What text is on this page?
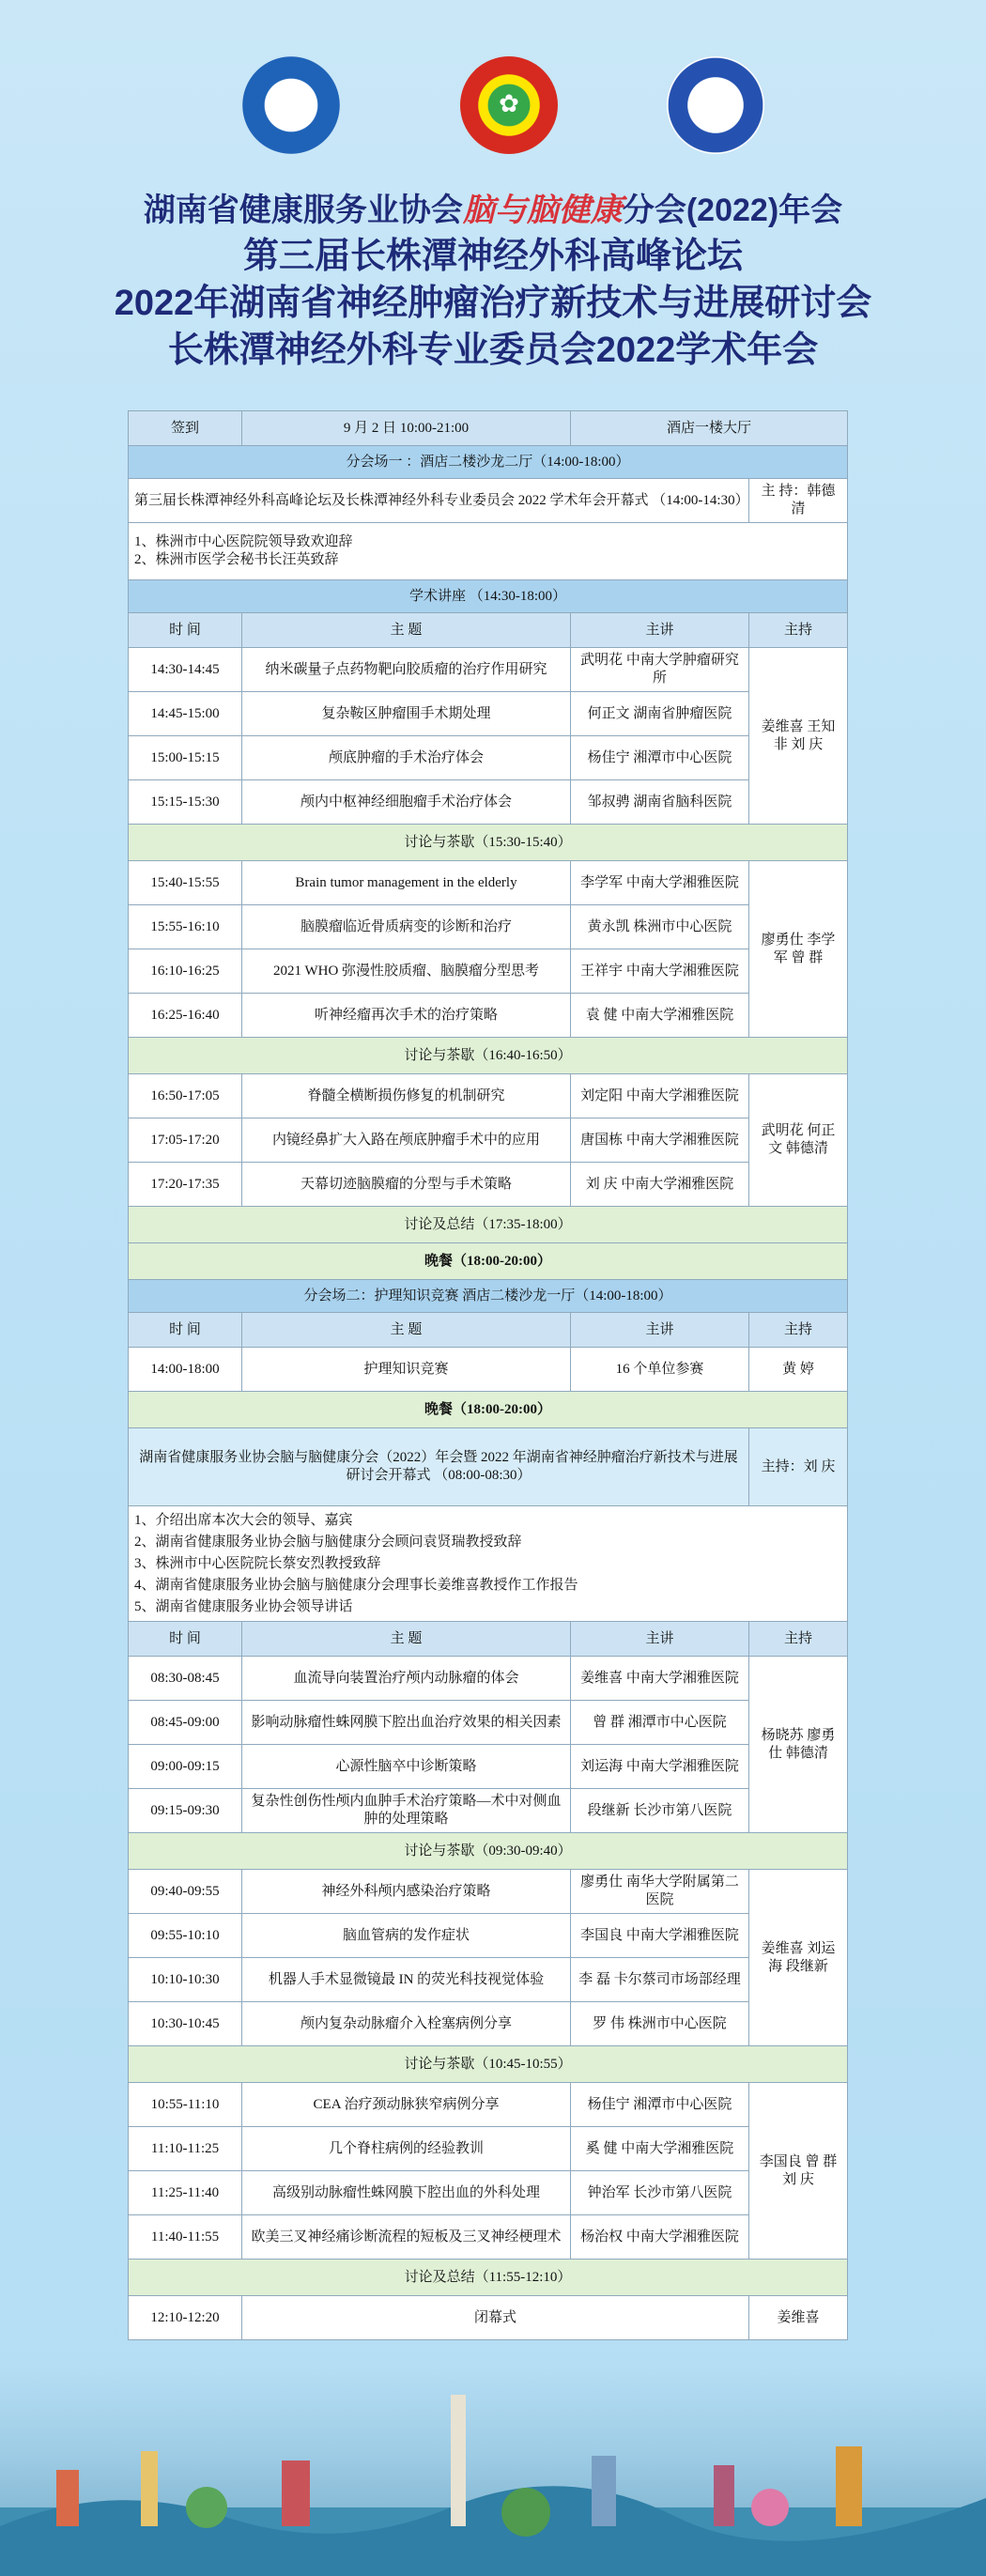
✚	✿	⚕
湖南省健康服务业协会脑与脑健康分会(2022)年会
第三届长株潭神经外科高峰论坛
2022年湖南省神经肿瘤治疗新技术与进展研讨会
长株潭神经外科专业委员会2022学术年会
签到	9 月 2 日 10:00-21:00	酒店一楼大厅	
分会场一 ：酒店二楼沙龙二厅（14:00-18:00）			
第三届长株潭神经外科高峰论坛及长株潭神经外科专业委员会 2022 学术年会开幕式 （14:00-14:30）			主 持：韩德清

1、株洲市中心医院院领导致欢迎辞
2、株洲市医学会秘书长汪英致辞			

学术讲座 （14:30-18:00）			
时 间	主 题	主讲	主持
14:30-14:45	纳米碳量子点药物靶向胶质瘤的治疗作用研究	武明花 中南大学肿瘤研究所	姜维喜 王知非 刘 庆
14:45-15:00	复杂鞍区肿瘤围手术期处理	何正文 湖南省肿瘤医院	
15:00-15:15	颅底肿瘤的手术治疗体会	杨佳宁 湘潭市中心医院	
15:15-15:30	颅内中枢神经细胞瘤手术治疗体会	邹叔骋 湖南省脑科医院	
讨论与茶歇（15:30-15:40）			
15:40-15:55	Brain tumor management in the elderly	李学军 中南大学湘雅医院	廖勇仕 李学军 曾 群
15:55-16:10	脑膜瘤临近骨质病变的诊断和治疗	黄永凯 株洲市中心医院	
16:10-16:25	2021 WHO 弥漫性胶质瘤、脑膜瘤分型思考	王祥宇 中南大学湘雅医院	
16:25-16:40	听神经瘤再次手术的治疗策略	袁 健 中南大学湘雅医院	
讨论与茶歇（16:40-16:50）			
16:50-17:05	脊髓全横断损伤修复的机制研究	刘定阳 中南大学湘雅医院	武明花 何正文 韩德清
17:05-17:20	内镜经鼻扩大入路在颅底肿瘤手术中的应用	唐国栋 中南大学湘雅医院	
17:20-17:35	天幕切迹脑膜瘤的分型与手术策略	刘 庆 中南大学湘雅医院	
讨论及总结（17:35-18:00）			
晚餐（18:00-20:00）			
分会场二：护理知识竞赛 酒店二楼沙龙一厅（14:00-18:00）			
时 间	主 题	主讲	主持
14:00-18:00	护理知识竞赛	16 个单位参赛	黄 婷
晚餐（18:00-20:00）			
湖南省健康服务业协会脑与脑健康分会（2022）年会暨 2022 年湖南省神经肿瘤治疗新技术与进展研讨会开幕式 （08:00-08:30）			主持：刘 庆

1、介绍出席本次大会的领导、嘉宾
2、湖南省健康服务业协会脑与脑健康分会顾问袁贤瑞教授致辞
3、株洲市中心医院院长蔡安烈教授致辞
4、湖南省健康服务业协会脑与脑健康分会理事长姜维喜教授作工作报告
5、湖南省健康服务业协会领导讲话			

时 间	主 题	主讲	主持
08:30-08:45	血流导向装置治疗颅内动脉瘤的体会	姜维喜 中南大学湘雅医院	杨晓苏 廖勇仕 韩德清
08:45-09:00	影响动脉瘤性蛛网膜下腔出血治疗效果的相关因素	曾 群 湘潭市中心医院	
09:00-09:15	心源性脑卒中诊断策略	刘运海 中南大学湘雅医院	
09:15-09:30	复杂性创伤性颅内血肿手术治疗策略—术中对侧血肿的处理策略	段继新 长沙市第八医院	
讨论与茶歇（09:30-09:40）			
09:40-09:55	神经外科颅内感染治疗策略	廖勇仕 南华大学附属第二医院	姜维喜 刘运海 段继新
09:55-10:10	脑血管病的发作症状	李国良 中南大学湘雅医院	
10:10-10:30	机器人手术显微镜最 IN 的荧光科技视觉体验	李 磊 卡尔蔡司市场部经理	
10:30-10:45	颅内复杂动脉瘤介入栓塞病例分享	罗 伟 株洲市中心医院	
讨论与茶歇（10:45-10:55）			
10:55-11:10	CEA 治疗颈动脉狭窄病例分享	杨佳宁 湘潭市中心医院	李国良 曾 群 刘 庆
11:10-11:25	几个脊柱病例的经验教训	奚 健 中南大学湘雅医院	
11:25-11:40	高级别动脉瘤性蛛网膜下腔出血的外科处理	钟治军 长沙市第八医院	
11:40-11:55	欧美三叉神经痛诊断流程的短板及三叉神经梗理术	杨治权 中南大学湘雅医院	
讨论及总结（11:55-12:10）			
12:10-12:20	闭幕式		姜维喜
